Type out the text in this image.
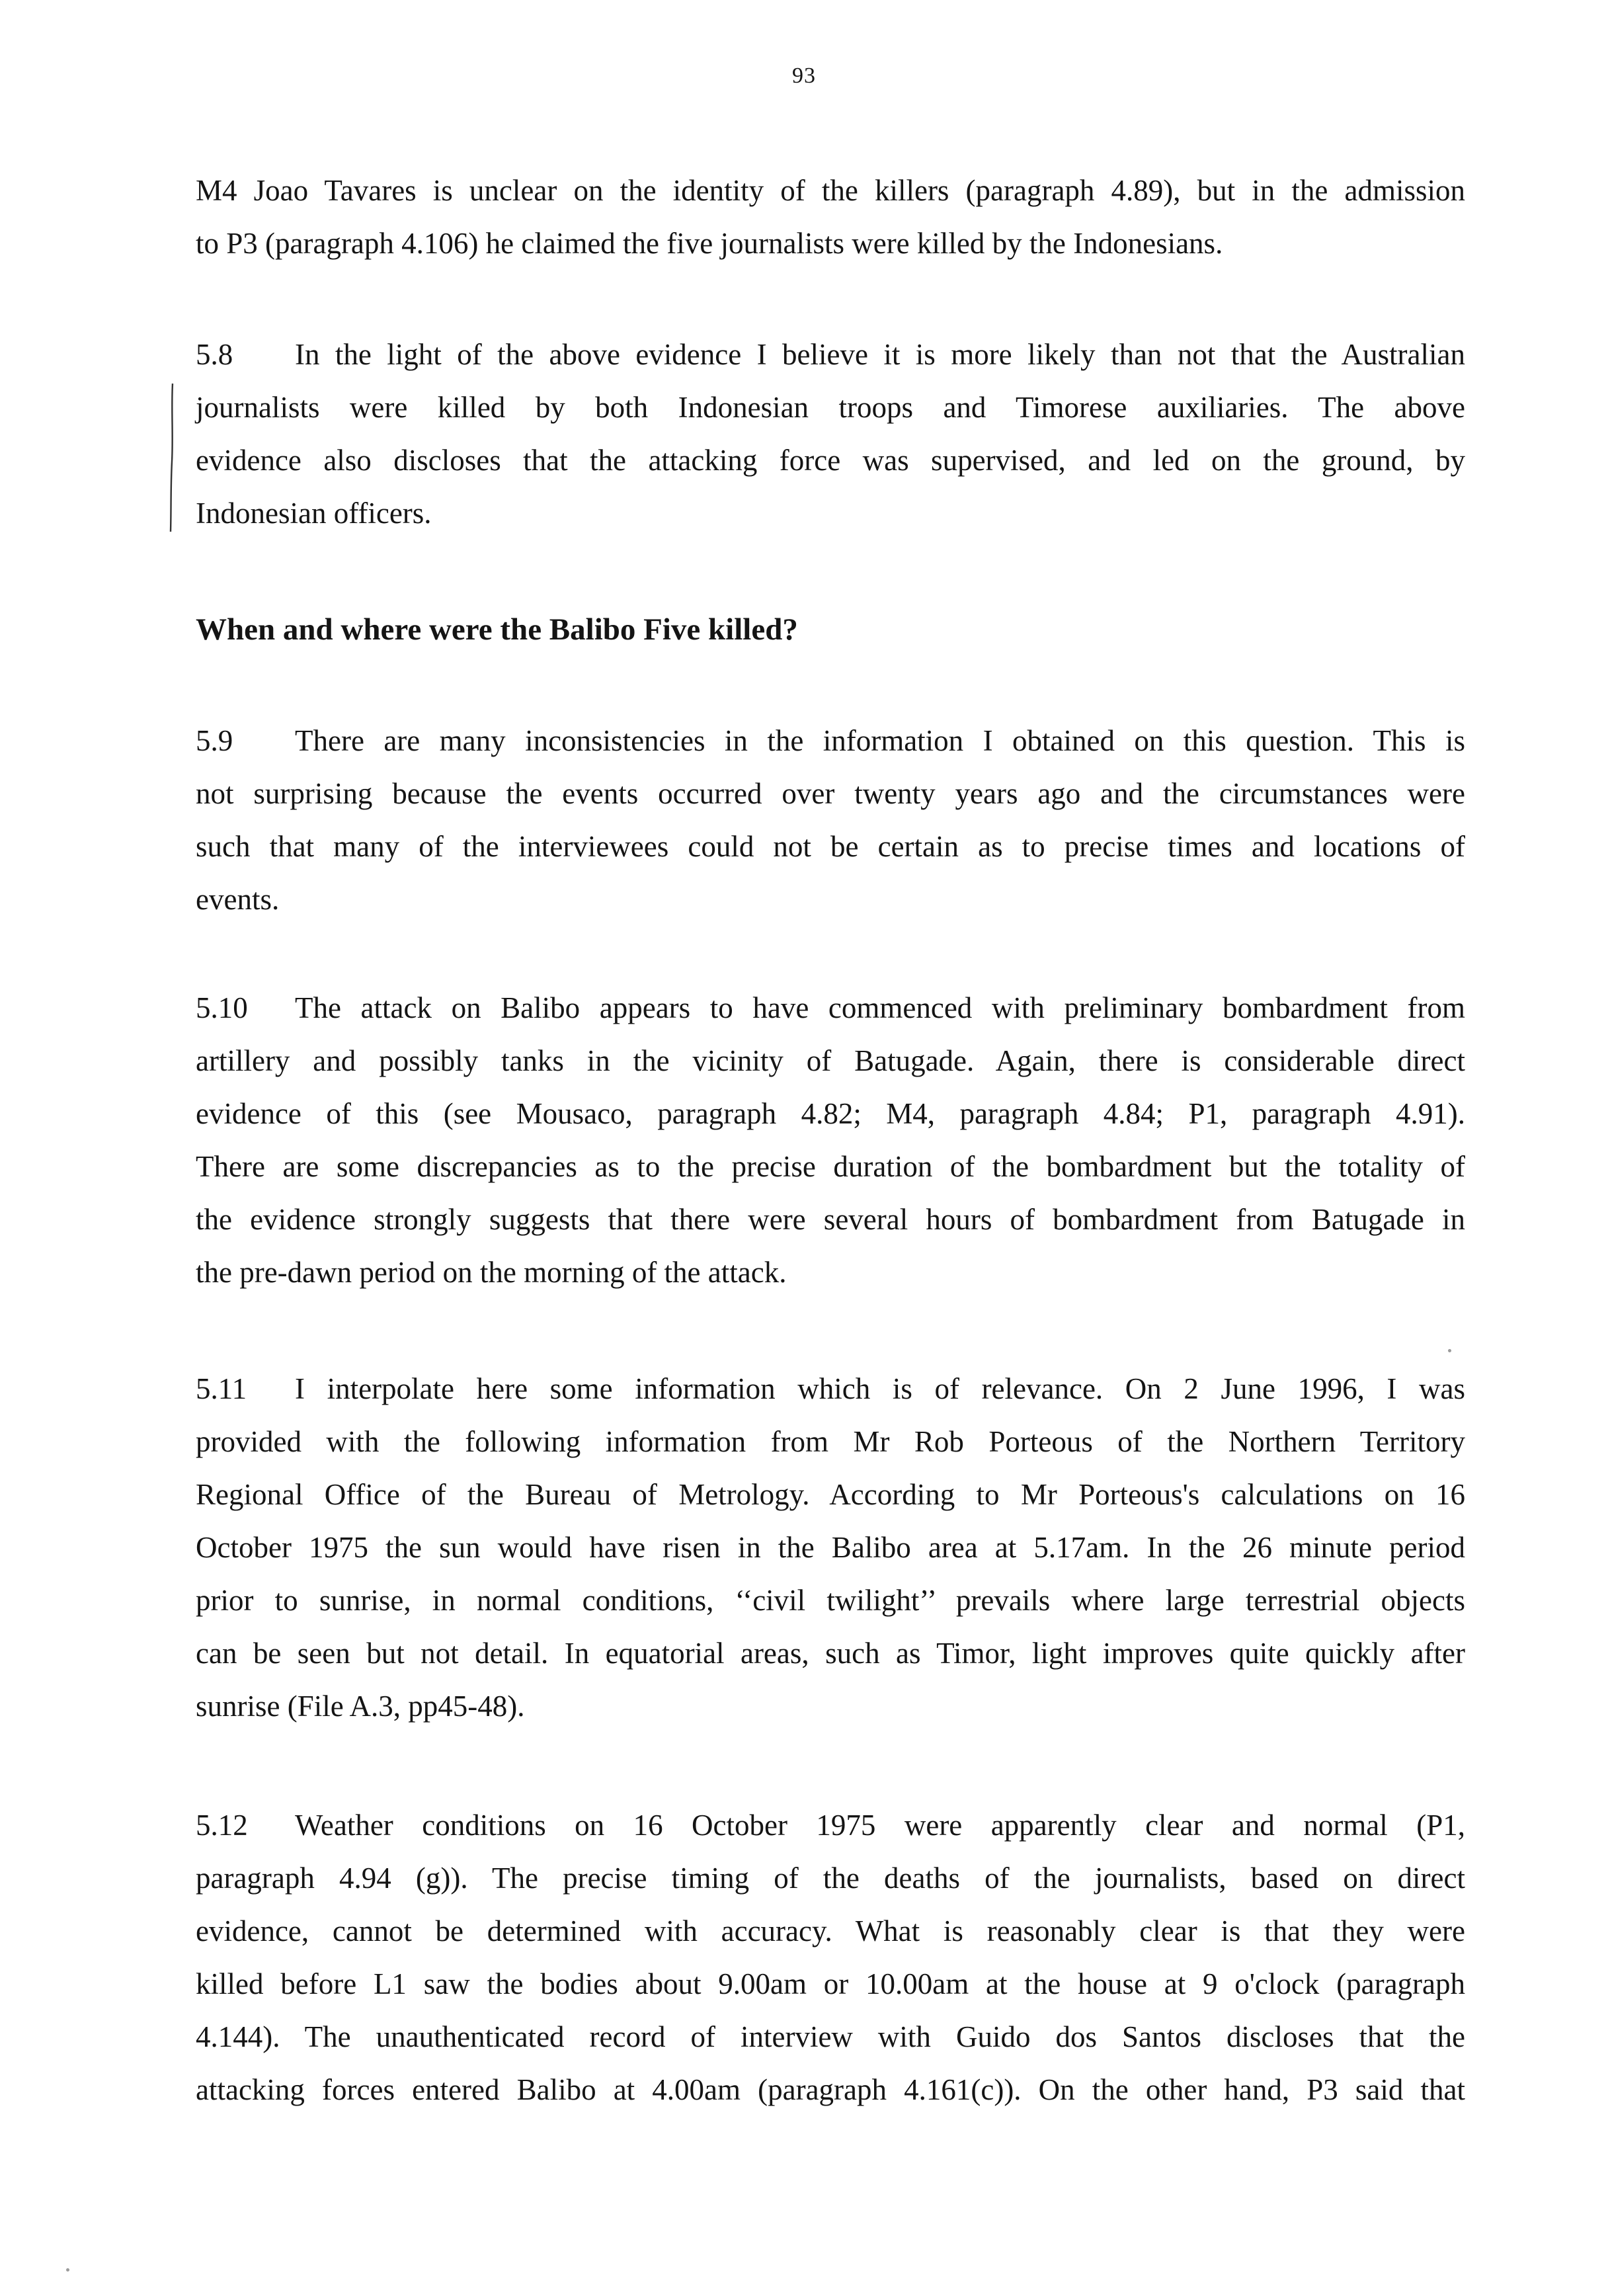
93
M4 Joao Tavares is unclear on the identity of the killers (paragraph 4.89), but in the admission
to P3 (paragraph 4.106) he claimed the five journalists were killed by the Indonesians.
5.8 In the light of the above evidence I believe it is more likely than not that the Australian
journalists were killed by both Indonesian troops and Timorese auxiliaries. The above
evidence also discloses that the attacking force was supervised, and led on the ground, by
Indonesian officers.
When and where were the Balibo Five killed?
5.9 There are many inconsistencies in the information I obtained on this question. This is
not surprising because the events occurred over twenty years ago and the circumstances were
such that many of the interviewees could not be certain as to precise times and locations of
events.
5.10 The attack on Balibo appears to have commenced with preliminary bombardment from
artillery and possibly tanks in the vicinity of Batugade. Again, there is considerable direct
evidence of this (see Mousaco, paragraph 4.82; M4, paragraph 4.84; P1, paragraph 4.91).
There are some discrepancies as to the precise duration of the bombardment but the totality of
the evidence strongly suggests that there were several hours of bombardment from Batugade in
the pre-dawn period on the morning of the attack.
5.11 I interpolate here some information which is of relevance. On 2 June 1996, I was
provided with the following information from Mr Rob Porteous of the Northern Territory
Regional Office of the Bureau of Metrology. According to Mr Porteous's calculations on 16
October 1975 the sun would have risen in the Balibo area at 5.17am. In the 26 minute period
prior to sunrise, in normal conditions, ‘‘civil twilight’’ prevails where large terrestrial objects
can be seen but not detail. In equatorial areas, such as Timor, light improves quite quickly after
sunrise (File A.3, pp45-48).
5.12 Weather conditions on 16 October 1975 were apparently clear and normal (P1,
paragraph 4.94 (g)). The precise timing of the deaths of the journalists, based on direct
evidence, cannot be determined with accuracy. What is reasonably clear is that they were
killed before L1 saw the bodies about 9.00am or 10.00am at the house at 9 o'clock (paragraph
4.144). The unauthenticated record of interview with Guido dos Santos discloses that the
attacking forces entered Balibo at 4.00am (paragraph 4.161(c)). On the other hand, P3 said that
